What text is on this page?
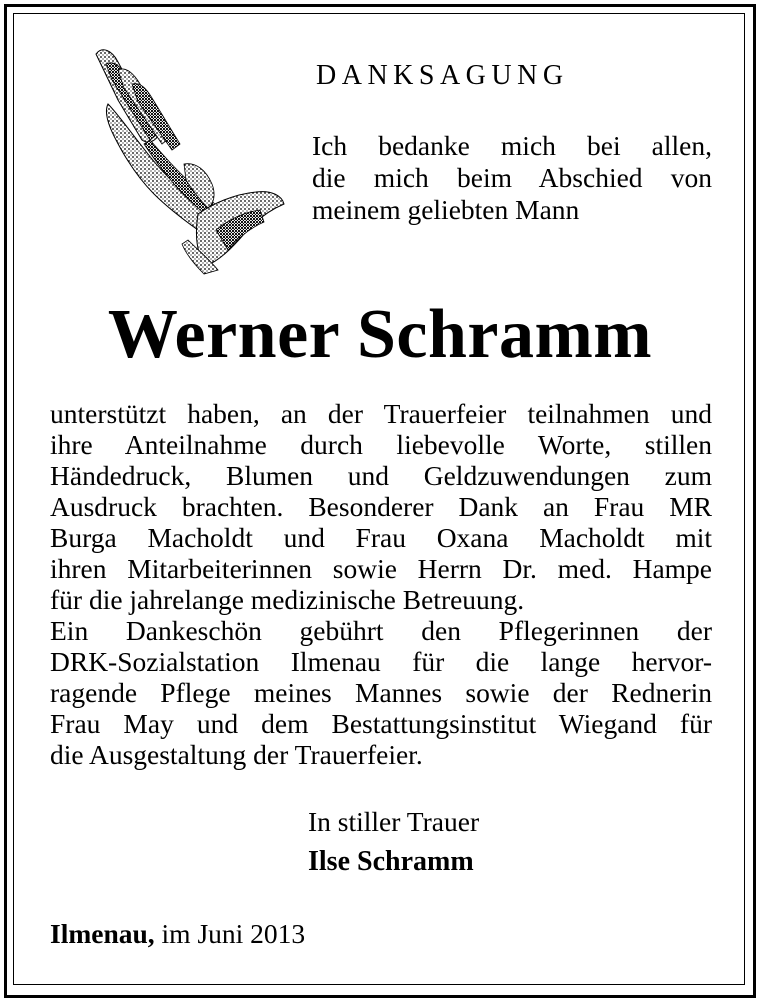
DANKSAGUNG
Ich bedanke mich bei allen,
die mich beim Abschied von
meinem geliebten Mann
Werner Schramm
unterstützt haben, an der Trauerfeier teilnahmen und
ihre Anteilnahme durch liebevolle Worte, stillen
Händedruck, Blumen und Geldzuwendungen zum
Ausdruck brachten. Besonderer Dank an Frau MR
Burga Macholdt und Frau Oxana Macholdt mit
ihren Mitarbeiterinnen sowie Herrn Dr. med. Hampe
für die jahrelange medizinische Betreuung.
Ein Dankeschön gebührt den Pflegerinnen der
DRK-Sozialstation Ilmenau für die lange hervor-
ragende Pflege meines Mannes sowie der Rednerin
Frau May und dem Bestattungsinstitut Wiegand für
die Ausgestaltung der Trauerfeier.
In stiller Trauer
Ilse Schramm
Ilmenau, im Juni 2013
